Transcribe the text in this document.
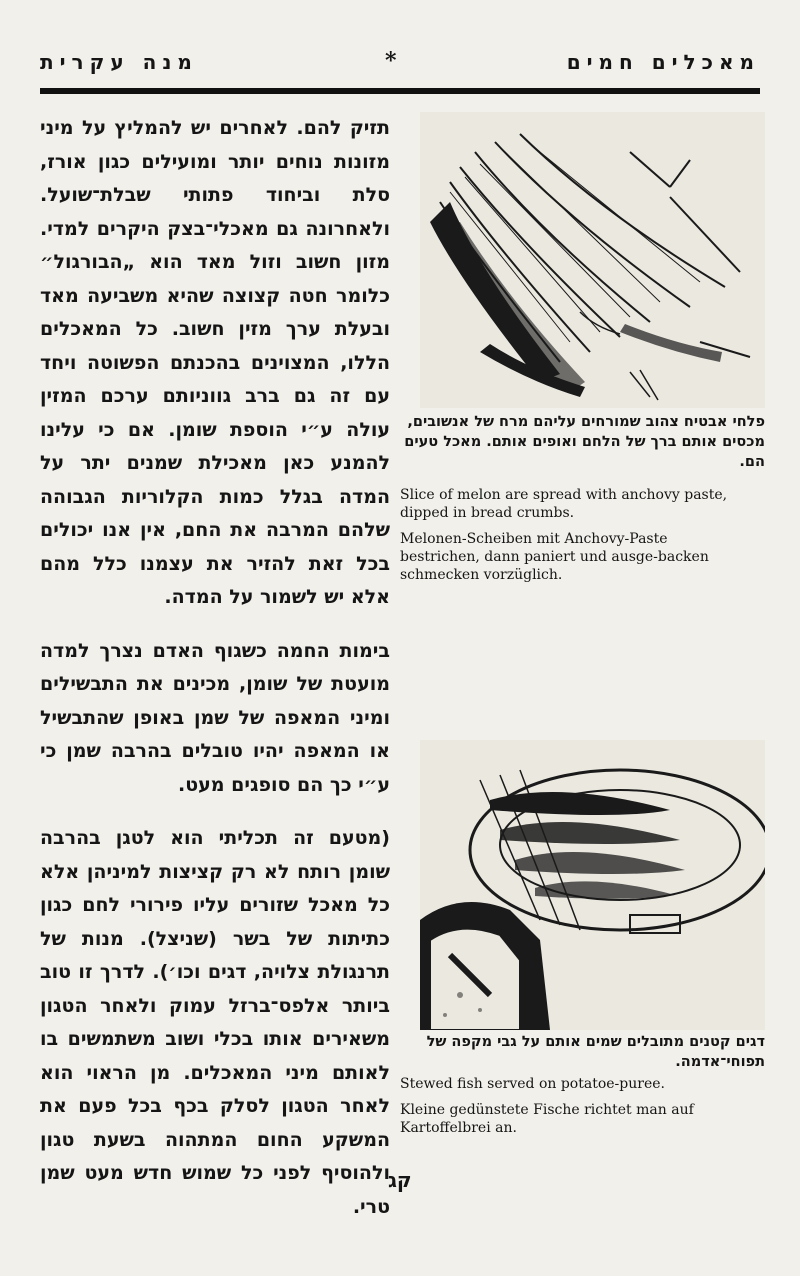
מנה עקרית	*	מאכלים חמים

תזיק להם. לאחרים יש להמליץ על מיני מזונות נוחים יותר ומועילים כגון אורז, סלת וביחוד פתותי שבלת־שועל. ולאחרונה גם מאכלי־בצק היקרים למדי. מזון חשוב וזול מאד הוא „הבורגול״ כלומר חטה קצוצה שהיא משביעה מאד ובעלת ערך מזין חשוב. כל המאכלים הללו, המצוינים בהכנתם הפשוטה ויחד עם זה גם ברב גווניותם ערכם המזין עולה ע״י הוספת שומן. אם כי עלינו להמנע כאן מאכילת שמנים יתר על המדה בגלל כמות הקלוריות הגבוהה שלהם המרבה את החם, אין אנו יכולים בכל זאת להזיר את עצמנו כלל מהם אלא יש לשמור על המדה.

בימות החמה כשגוף האדם נצרך למדה מועטת של שומן, מכינים את התבשילים ומיני המאפה של שמן באופן שהתבשיל או המאפה יהיו טובלים בהרבה שמן כי ע״י כך הם סופגים מעט.

(מטעם זה תכליתי הוא לטגן בהרבה שומן רותח לא רק קציצות למיניהן אלא כל מאכל שזורים עליו פירורי לחם כגון כתיתות של בשר (שניצל). מנות של תרנגולת צלויה, דגים וכו׳). לדרך זו טוב ביותר אלפס־ברזל עמוק ולאחר הטגון משאירים אותו בכלי ושוב משתמשים בו לאותם מיני המאכלים. מן הראוי הוא לאחר הטגון לסלק בכף בכל פעם את המשקע החום המתהוה בשעת טגון ולהוסיף לפני כל שמוש חדש מעט שמן טרי.

פלחי אבטיח צהוב שמורחים עליהם מרח של אנשובים, מכסים אותם ברך של הלחם ואופים אותם. מאכל טעים הם.
Slice of melon are spread with anchovy paste, dipped in bread crumbs.
Melonen-Scheiben mit Anchovy-Paste bestrichen, dann paniert und ausge-backen schmecken vorzüglich.
דגים קטנים מתובלים שמים אותם על גבי מקפה של תפוחי־אדמה.
Stewed fish served on potatoe-puree.
Kleine gedünstete Fische richtet man auf Kartoffelbrei an.
קג
